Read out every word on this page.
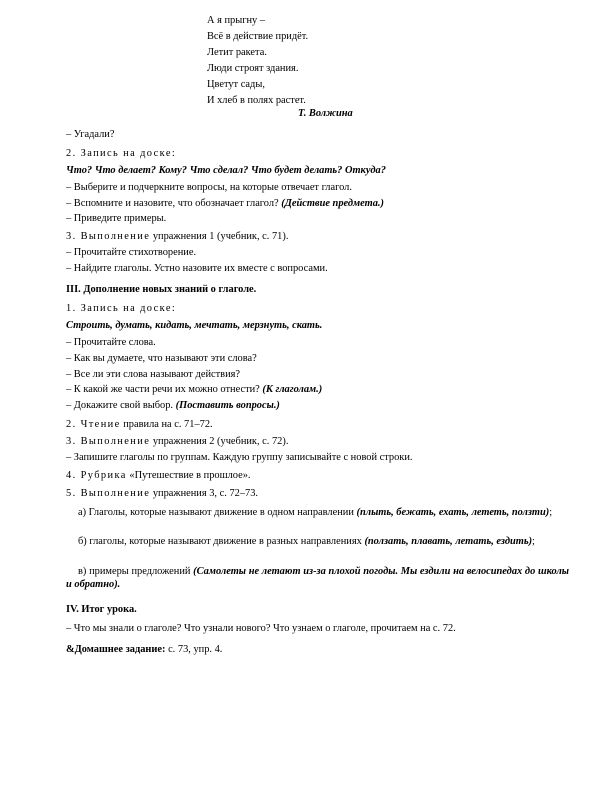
А я прыгну –
Всё в действие придёт.
Летит ракета.
Люди строят здания.
Цветут сады,
И хлеб в полях растет.
Т. Волжина
– Угадали?
2. Запись на доске:
Что? Что делает? Кому? Что сделал? Что будет делать? Откуда?
– Выберите и подчеркните вопросы, на которые отвечает глагол.
– Вспомните и назовите, что обозначает глагол? (Действие предмета.)
– Приведите примеры.
3. Выполнение упражнения 1 (учебник, с. 71).
– Прочитайте стихотворение.
– Найдите глаголы. Устно назовите их вместе с вопросами.
III. Дополнение новых знаний о глаголе.
1. Запись на доске:
Строить, думать, кидать, мечтать, мерзнуть, скать.
– Прочитайте слова.
– Как вы думаете, что называют эти слова?
– Все ли эти слова называют действия?
– К какой же части речи их можно отнести? (К глаголам.)
– Докажите свой выбор. (Поставить вопросы.)
2. Чтение правила на с. 71–72.
3. Выполнение упражнения 2 (учебник, с. 72).
– Запишите глаголы по группам. Каждую группу записывайте с новой строки.
4. Рубрика «Путешествие в прошлое».
5. Выполнение упражнения 3, с. 72–73.
а) Глаголы, которые называют движение в одном направлении (плыть, бежать, ехать, лететь, ползти);
б) глаголы, которые называют движение в разных направлениях (ползать, плавать, летать, ездить);
в) примеры предложений (Самолеты не летают из-за плохой погоды. Мы ездили на велосипедах до школы и обратно).
IV. Итог урока.
– Что мы знали о глаголе? Что узнали нового? Что узнаем о глаголе, прочитаем на с. 72.
&Домашнее задание: с. 73, упр. 4.
